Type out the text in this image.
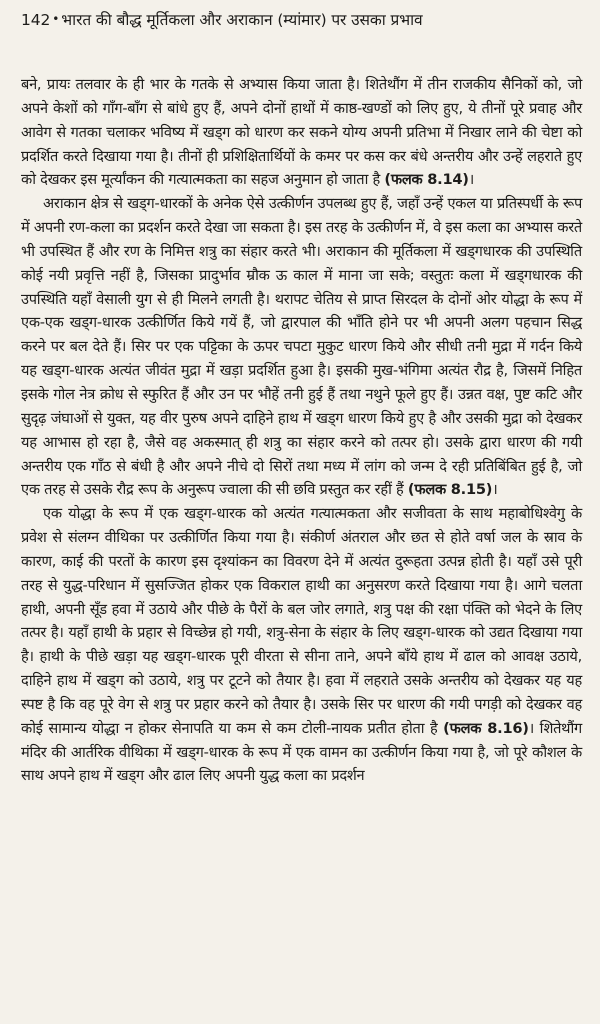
142 • भारत की बौद्ध मूर्तिकला और अराकान (म्यांमार) पर उसका प्रभाव

बने, प्रायः तलवार के ही भार के गतके से अभ्यास किया जाता है। शितेथौंग में तीन राजकीय सैनिकों को, जो अपने केशों को गाँग-बाँग से बांधे हुए हैं, अपने दोनों हाथों में काष्ठ-खण्डों को लिए हुए, ये तीनों पूरे प्रवाह और आवेग से गतका चलाकर भविष्य में खड्ग को धारण कर सकने योग्य अपनी प्रतिभा में निखार लाने की चेष्टा को प्रदर्शित करते दिखाया गया है। तीनों ही प्रशिक्षितार्थियों के कमर पर कस कर बंधे अन्तरीय और उन्हें लहराते हुए को देखकर इस मूर्त्यांकन की गत्यात्मकता का सहज अनुमान हो जाता है (फलक 8.14)।

अराकान क्षेत्र से खड्ग-धारकों के अनेक ऐसे उत्कीर्णन उपलब्ध हुए हैं, जहाँ उन्हें एकल या प्रतिस्पर्धी के रूप में अपनी रण-कला का प्रदर्शन करते देखा जा सकता है। इस तरह के उत्कीर्णन में, वे इस कला का अभ्यास करते भी उपस्थित हैं और रण के निमित्त शत्रु का संहार करते भी। अराकान की मूर्तिकला में खड्गधारक की उपस्थिति कोई नयी प्रवृत्ति नहीं है, जिसका प्रादुर्भाव म्रौक ऊ काल में माना जा सके; वस्तुतः कला में खड्गधारक की उपस्थिति यहाँ वेसाली युग से ही मिलने लगती है। थरापट चेतिय से प्राप्त सिरदल के दोनों ओर योद्धा के रूप में एक-एक खड्ग-धारक उत्कीर्णित किये गयें हैं, जो द्वारपाल की भाँति होने पर भी अपनी अलग पहचान सिद्ध करने पर बल देते हैं। सिर पर एक पट्टिका के ऊपर चपटा मुकुट धारण किये और सीधी तनी मुद्रा में गर्दन किये यह खड्ग-धारक अत्यंत जीवंत मुद्रा में खड़ा प्रदर्शित हुआ है। इसकी मुख-भंगिमा अत्यंत रौद्र है, जिसमें निहित इसके गोल नेत्र क्रोध से स्फुरित हैं और उन पर भौहें तनी हुई हैं तथा नथुने फूले हुए हैं। उन्नत वक्ष, पुष्ट कटि और सुदृढ़ जंघाओं से युक्त, यह वीर पुरुष अपने दाहिने हाथ में खड्ग धारण किये हुए है और उसकी मुद्रा को देखकर यह आभास हो रहा है, जैसे वह अकस्मात् ही शत्रु का संहार करने को तत्पर हो। उसके द्वारा धारण की गयी अन्तरीय एक गाँठ से बंधी है और अपने नीचे दो सिरों तथा मध्य में लांग को जन्म दे रही प्रतिबिंबित हुई है, जो एक तरह से उसके रौद्र रूप के अनुरूप ज्वाला की सी छवि प्रस्तुत कर रहीं हैं (फलक 8.15)।

एक योद्धा के रूप में एक खड्ग-धारक को अत्यंत गत्यात्मकता और सजीवता के साथ महाबोधिश्वेगु के प्रवेश से संलग्न वीथिका पर उत्कीर्णित किया गया है। संकीर्ण अंतराल और छत से होते वर्षा जल के स्राव के कारण, काई की परतों के कारण इस दृश्यांकन का विवरण देने में अत्यंत दुरूहता उत्पन्न होती है। यहाँ उसे पूरी तरह से युद्ध-परिधान में सुसज्जित होकर एक विकराल हाथी का अनुसरण करते दिखाया गया है। आगे चलता हाथी, अपनी सूँड हवा में उठाये और पीछे के पैरों के बल जोर लगाते, शत्रु पक्ष की रक्षा पंक्ति को भेदने के लिए तत्पर है। यहाँ हाथी के प्रहार से विच्छेन्न हो गयी, शत्रु-सेना के संहार के लिए खड्ग-धारक को उद्यत दिखाया गया है। हाथी के पीछे खड़ा यह खड्ग-धारक पूरी वीरता से सीना ताने, अपने बाँये हाथ में ढाल को आवक्ष उठाये, दाहिने हाथ में खड्ग को उठाये, शत्रु पर टूटने को तैयार है। हवा में लहराते उसके अन्तरीय को देखकर यह यह स्पष्ट है कि वह पूरे वेग से शत्रु पर प्रहार करने को तैयार है। उसके सिर पर धारण की गयी पगड़ी को देखकर वह कोई सामान्य योद्धा न होकर सेनापति या कम से कम टोली-नायक प्रतीत होता है (फलक 8.16)। शितेथौंग मंदिर की आर्तरिक वीथिका में खड्ग-धारक के रूप में एक वामन का उत्कीर्णन किया गया है, जो पूरे कौशल के साथ अपने हाथ में खड्ग और ढाल लिए अपनी युद्ध कला का प्रदर्शन
